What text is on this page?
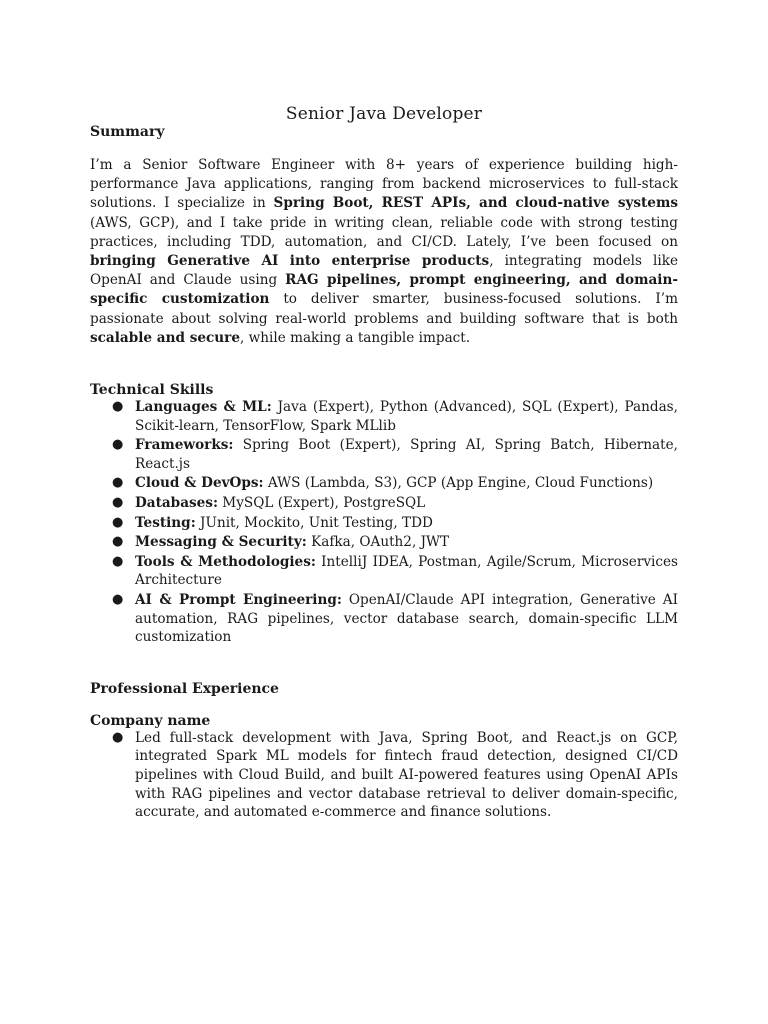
Senior Java Developer
Summary

I’m a Senior Software Engineer with 8+ years of experience building high-performance Java applications, ranging from backend microservices to full-stack solutions. I specialize in Spring Boot, REST APIs, and cloud-native systems (AWS, GCP), and I take pride in writing clean, reliable code with strong testing practices, including TDD, automation, and CI/CD. Lately, I’ve been focused on bringing Generative AI into enterprise products, integrating models like OpenAI and Claude using RAG pipelines, prompt engineering, and domain-specific customization to deliver smarter, business-focused solutions. I’m passionate about solving real-world problems and building software that is both scalable and secure, while making a tangible impact.

Technical Skills
● Languages & ML: Java (Expert), Python (Advanced), SQL (Expert), Pandas, Scikit-learn, TensorFlow, Spark MLlib
● Frameworks: Spring Boot (Expert), Spring AI, Spring Batch, Hibernate, React.js
● Cloud & DevOps: AWS (Lambda, S3), GCP (App Engine, Cloud Functions)
● Databases: MySQL (Expert), PostgreSQL
● Testing: JUnit, Mockito, Unit Testing, TDD
● Messaging & Security: Kafka, OAuth2, JWT
● Tools & Methodologies: IntelliJ IDEA, Postman, Agile/Scrum, Microservices Architecture
● AI & Prompt Engineering: OpenAI/Claude API integration, Generative AI automation, RAG pipelines, vector database search, domain-specific LLM customization
Professional Experience
Company name
● Led full-stack development with Java, Spring Boot, and React.js on GCP, integrated Spark ML models for fintech fraud detection, designed CI/CD pipelines with Cloud Build, and built AI-powered features using OpenAI APIs with RAG pipelines and vector database retrieval to deliver domain-specific, accurate, and automated e-commerce and finance solutions.
